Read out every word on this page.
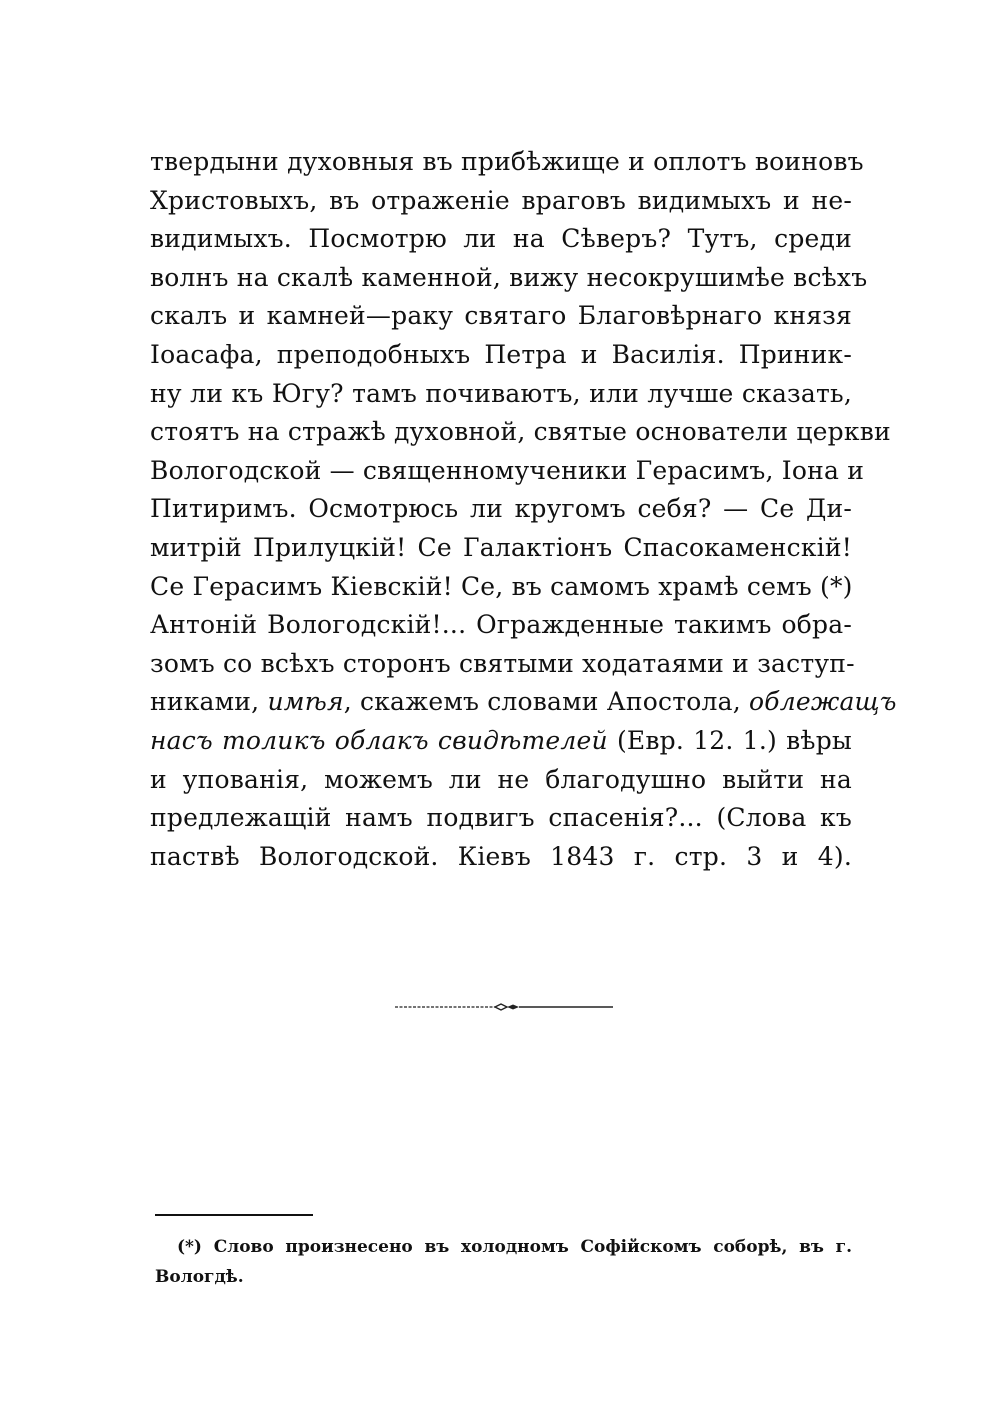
твердыни духовныя въ прибѣжище и оплотъ воиновъ
Христовыхъ, въ отраженіе враговъ видимыхъ и не-
видимыхъ. Посмотрю ли на Сѣверъ? Тутъ, среди
волнъ на скалѣ каменной, вижу несокрушимѣе всѣхъ
скалъ и камней—раку святаго Благовѣрнаго князя
Іоасафа, преподобныхъ Петра и Василія. Приник-
ну ли къ Югу? тамъ почиваютъ, или лучше сказать,
стоятъ на стражѣ духовной, святые основатели церкви
Вологодской — священномученики Герасимъ, Іона и
Питиримъ. Осмотрюсь ли кругомъ себя? — Се Ди-
митрій Прилуцкій! Се Галактіонъ Спасокаменскій!
Се Герасимъ Кіевскій! Се, въ самомъ храмѣ семъ (*)
Антоній Вологодскій!... Огражденные такимъ обра-
зомъ со всѣхъ сторонъ святыми ходатаями и заступ-
никами, имѣя, скажемъ словами Апостола, облежащъ
насъ толикъ облакъ свидѣтелей (Евр. 12. 1.) вѣры
и упованія, можемъ ли не благодушно выйти на
предлежащій намъ подвигъ спасенія?... (Слова къ
паствѣ Вологодской. Кіевъ 1843 г. стр. 3 и 4).
(*) Слово произнесено въ холодномъ Софійскомъ соборѣ, въ г.
Вологдѣ.
